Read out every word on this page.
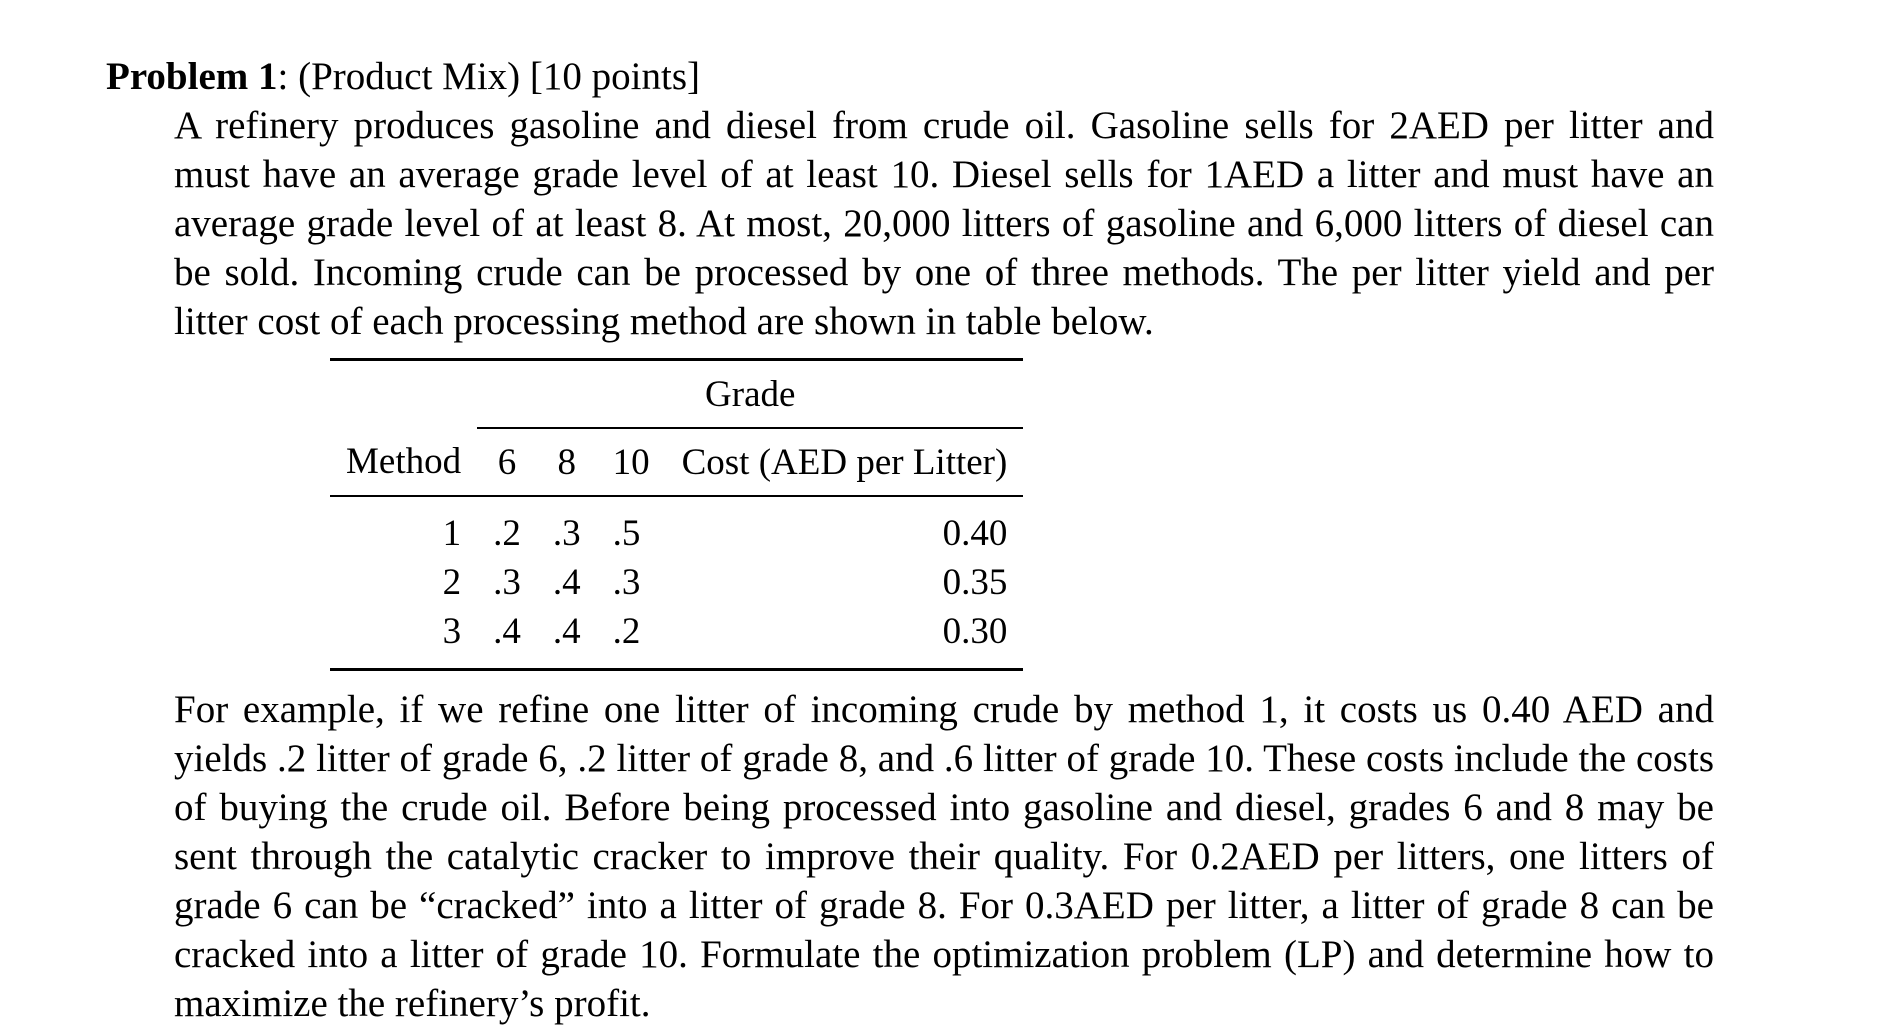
Problem 1: (Product Mix) [10 points]

A refinery produces gasoline and diesel from crude oil. Gasoline sells for 2AED per litter and must have an average grade level of at least 10. Diesel sells for 1AED a litter and must have an average grade level of at least 8. At most, 20,000 litters of gasoline and 6,000 litters of diesel can be sold. Incoming crude can be processed by one of three methods. The per litter yield and per litter cost of each processing method are shown in table below.

	Grade			
Method	6	8	10	Cost (AED per Litter)
1	.2	.3	.5	0.40
2	.3	.4	.3	0.35
3	.4	.4	.2	0.30

For example, if we refine one litter of incoming crude by method 1, it costs us 0.40 AED and yields .2 litter of grade 6, .2 litter of grade 8, and .6 litter of grade 10. These costs include the costs of buying the crude oil. Before being processed into gasoline and diesel, grades 6 and 8 may be sent through the catalytic cracker to improve their quality. For 0.2AED per litters, one litters of grade 6 can be “cracked” into a litter of grade 8. For 0.3AED per litter, a litter of grade 8 can be cracked into a litter of grade 10. Formulate the optimization problem (LP) and determine how to maximize the refinery’s profit.
